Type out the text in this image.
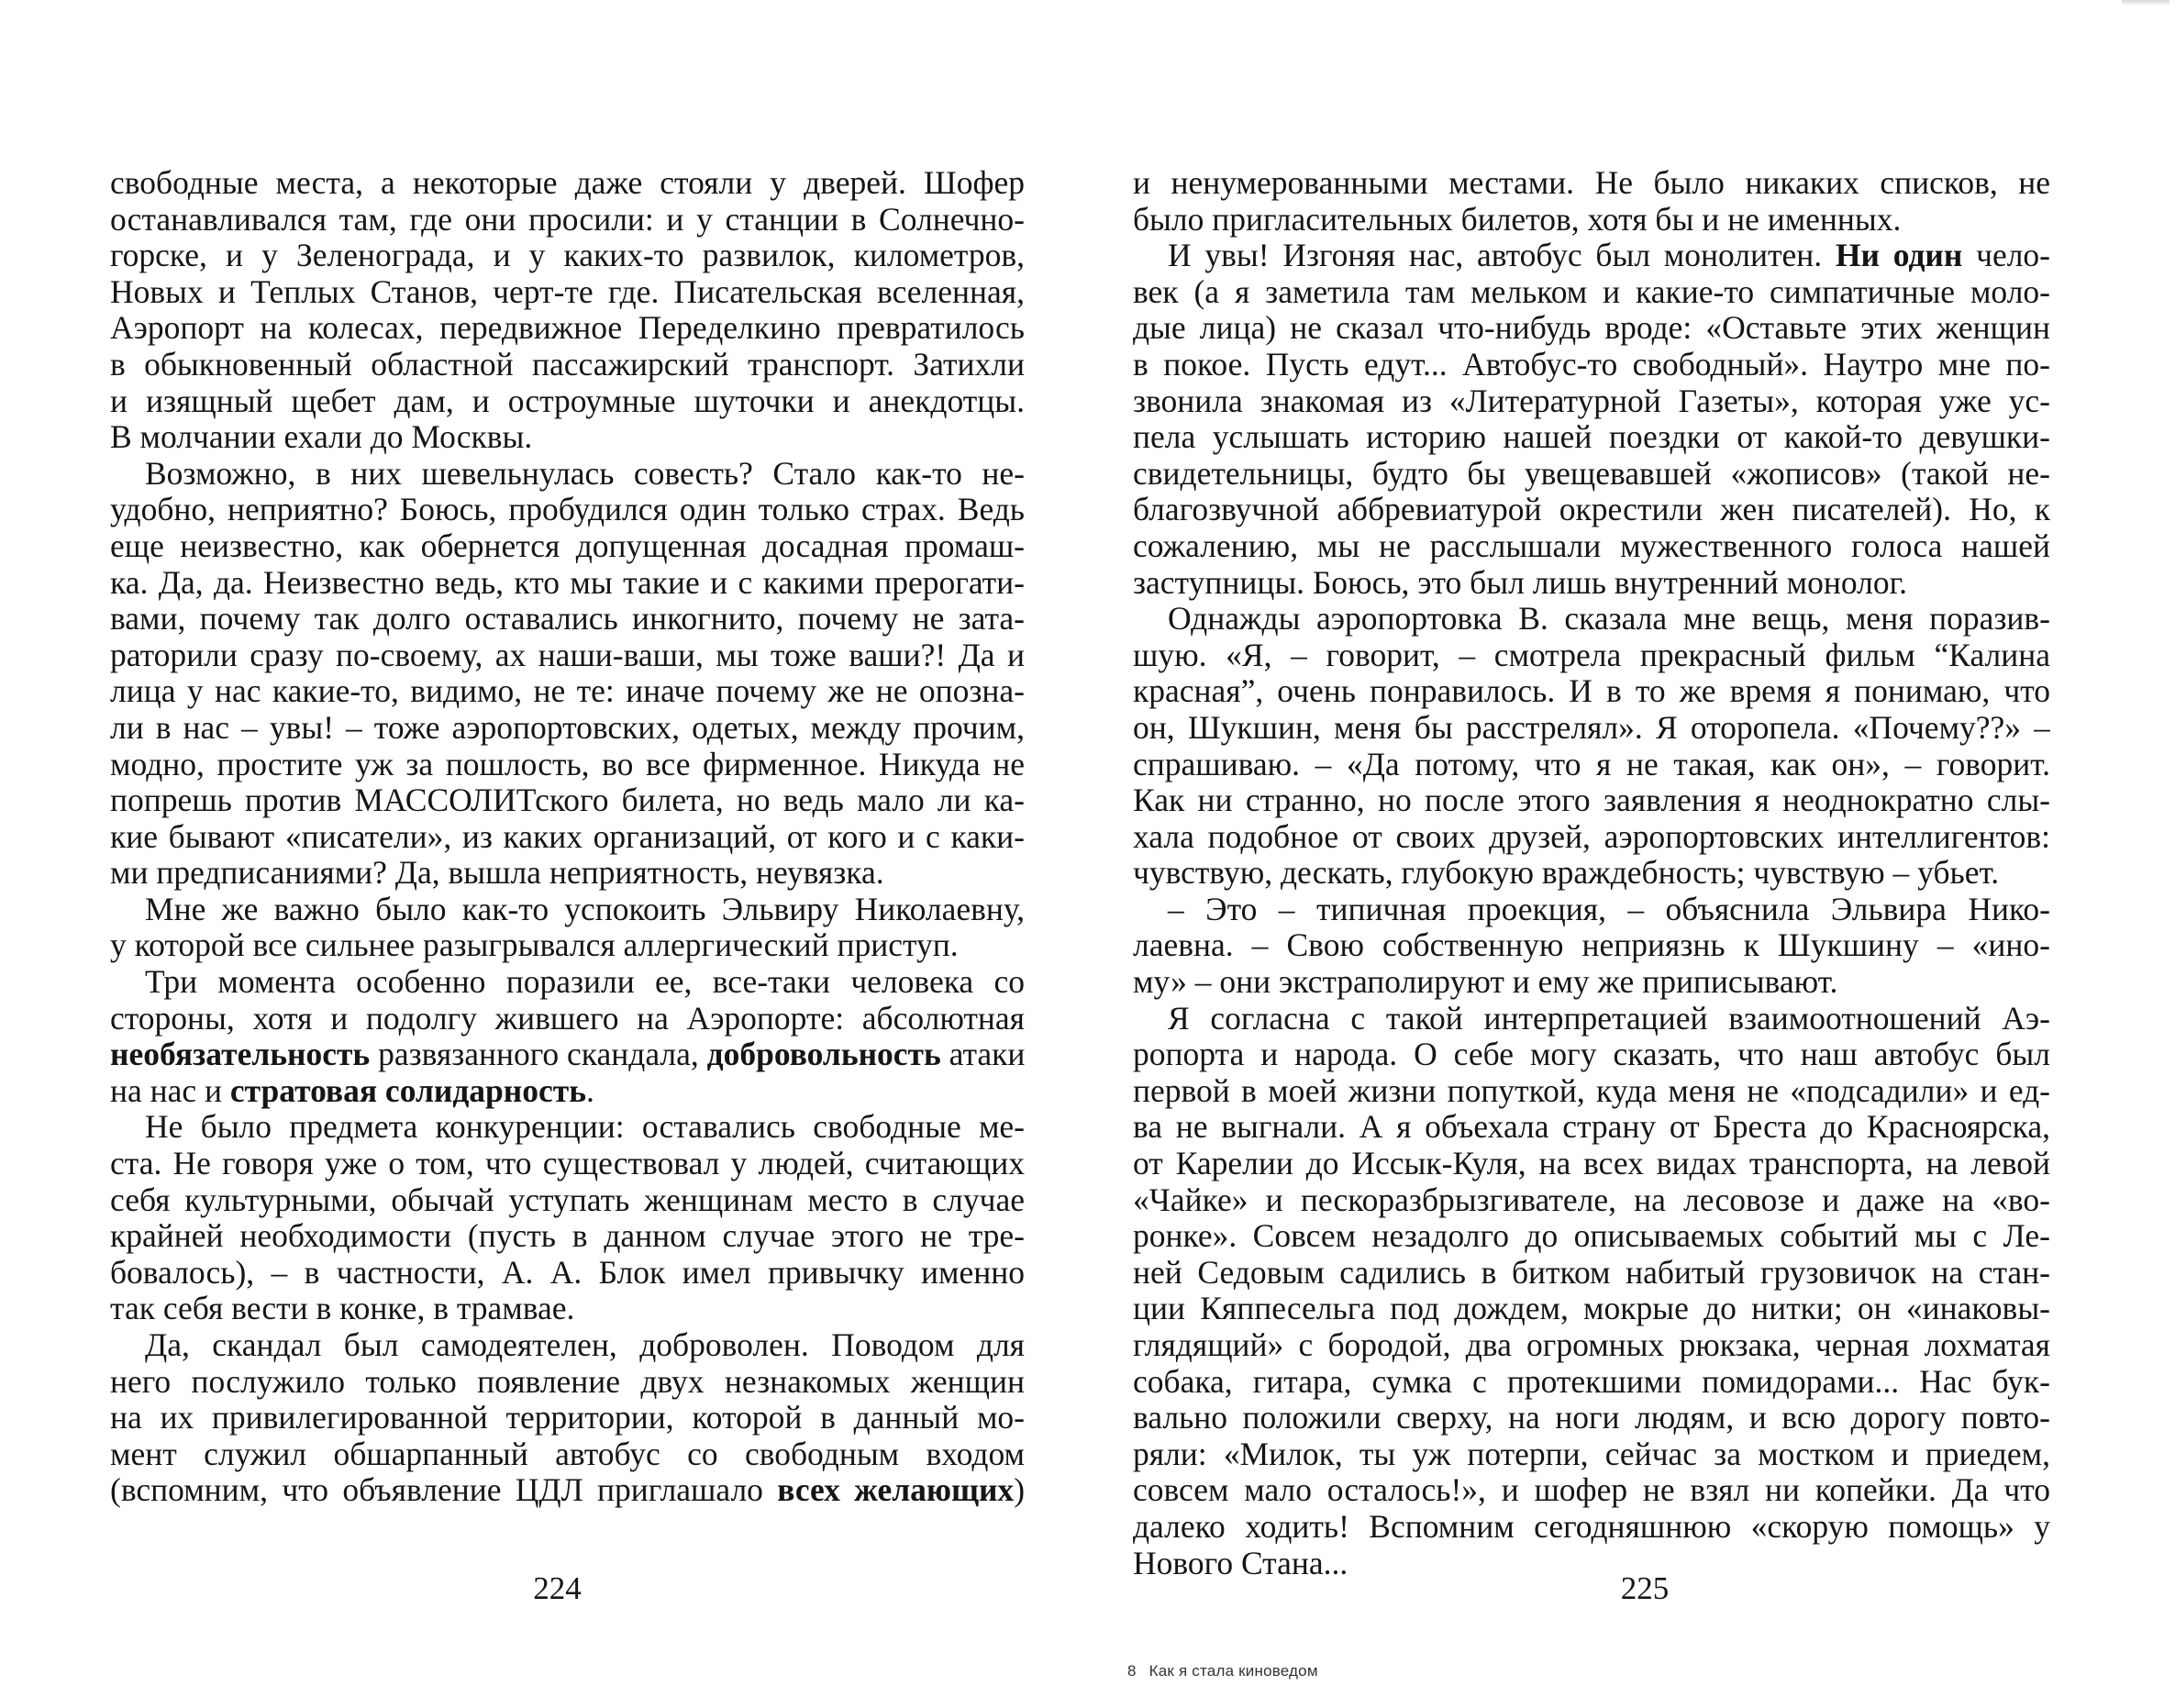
свободные места, а некоторые даже стояли у дверей. Шофер
останавливался там, где они просили: и у станции в Солнечно-
горске, и у Зеленограда, и у каких-то развилок, километров,
Новых и Теплых Станов, черт-те где. Писательская вселенная,
Аэропорт на колесах, передвижное Переделкино превратилось
в обыкновенный областной пассажирский транспорт. Затихли
и изящный щебет дам, и остроумные шуточки и анекдотцы.
В молчании ехали до Москвы.
Возможно, в них шевельнулась совесть? Стало как-то не-
удобно, неприятно? Боюсь, пробудился один только страх. Ведь
еще неизвестно, как обернется допущенная досадная промаш-
ка. Да, да. Неизвестно ведь, кто мы такие и с какими прерогати-
вами, почему так долго оставались инкогнито, почему не зата-
раторили сразу по-своему, ах наши-ваши, мы тоже ваши?! Да и
лица у нас какие-то, видимо, не те: иначе почему же не опозна-
ли в нас – увы! – тоже аэропортовских, одетых, между прочим,
модно, простите уж за пошлость, во все фирменное. Никуда не
попрешь против МАССОЛИТского билета, но ведь мало ли ка-
кие бывают «писатели», из каких организаций, от кого и с каки-
ми предписаниями? Да, вышла неприятность, неувязка.
Мне же важно было как-то успокоить Эльвиру Николаевну,
у которой все сильнее разыгрывался аллергический приступ.
Три момента особенно поразили ее, все-таки человека со
стороны, хотя и подолгу жившего на Аэропорте: абсолютная
необязательность развязанного скандала, добровольность атаки
на нас и стратовая солидарность.
Не было предмета конкуренции: оставались свободные ме-
ста. Не говоря уже о том, что существовал у людей, считающих
себя культурными, обычай уступать женщинам место в случае
крайней необходимости (пусть в данном случае этого не тре-
бовалось), – в частности, А. А. Блок имел привычку именно
так себя вести в конке, в трамвае.
Да, скандал был самодеятелен, доброволен. Поводом для
него послужило только появление двух незнакомых женщин
на их привилегированной территории, которой в данный мо-
мент служил обшарпанный автобус со свободным входом
(вспомним, что объявление ЦДЛ приглашало всех желающих)
224
и ненумерованными местами. Не было никаких списков, не
было пригласительных билетов, хотя бы и не именных.
И увы! Изгоняя нас, автобус был монолитен. Ни один чело-
век (а я заметила там мельком и какие-то симпатичные моло-
дые лица) не сказал что-нибудь вроде: «Оставьте этих женщин
в покое. Пусть едут... Автобус-то свободный». Наутро мне по-
звонила знакомая из «Литературной Газеты», которая уже ус-
пела услышать историю нашей поездки от какой-то девушки-
свидетельницы, будто бы увещевавшей «жописов» (такой не-
благозвучной аббревиатурой окрестили жен писателей). Но, к
сожалению, мы не расслышали мужественного голоса нашей
заступницы. Боюсь, это был лишь внутренний монолог.
Однажды аэропортовка В. сказала мне вещь, меня поразив-
шую. «Я, – говорит, – смотрела прекрасный фильм “Калина
красная”, очень понравилось. И в то же время я понимаю, что
он, Шукшин, меня бы расстрелял». Я оторопела. «Почему??» –
спрашиваю. – «Да потому, что я не такая, как он», – говорит.
Как ни странно, но после этого заявления я неоднократно слы-
хала подобное от своих друзей, аэропортовских интеллигентов:
чувствую, дескать, глубокую враждебность; чувствую – убьет.
– Это – типичная проекция, – объяснила Эльвира Нико-
лаевна. – Свою собственную неприязнь к Шукшину – «ино-
му» – они экстраполируют и ему же приписывают.
Я согласна с такой интерпретацией взаимоотношений Аэ-
ропорта и народа. О себе могу сказать, что наш автобус был
первой в моей жизни попуткой, куда меня не «подсадили» и ед-
ва не выгнали. А я объехала страну от Бреста до Красноярска,
от Карелии до Иссык-Куля, на всех видах транспорта, на левой
«Чайке» и пескоразбрызгивателе, на лесовозе и даже на «во-
ронке». Совсем незадолго до описываемых событий мы с Ле-
ней Седовым садились в битком набитый грузовичок на стан-
ции Кяппесельга под дождем, мокрые до нитки; он «инаковы-
глядящий» с бородой, два огромных рюкзака, черная лохматая
собака, гитара, сумка с протекшими помидорами... Нас бук-
вально положили сверху, на ноги людям, и всю дорогу повто-
ряли: «Милок, ты уж потерпи, сейчас за мостком и приедем,
совсем мало осталось!», и шофер не взял ни копейки. Да что
далеко ходить! Вспомним сегодняшнюю «скорую помощь» у
Нового Стана...
225
8 Как я стала киноведом
